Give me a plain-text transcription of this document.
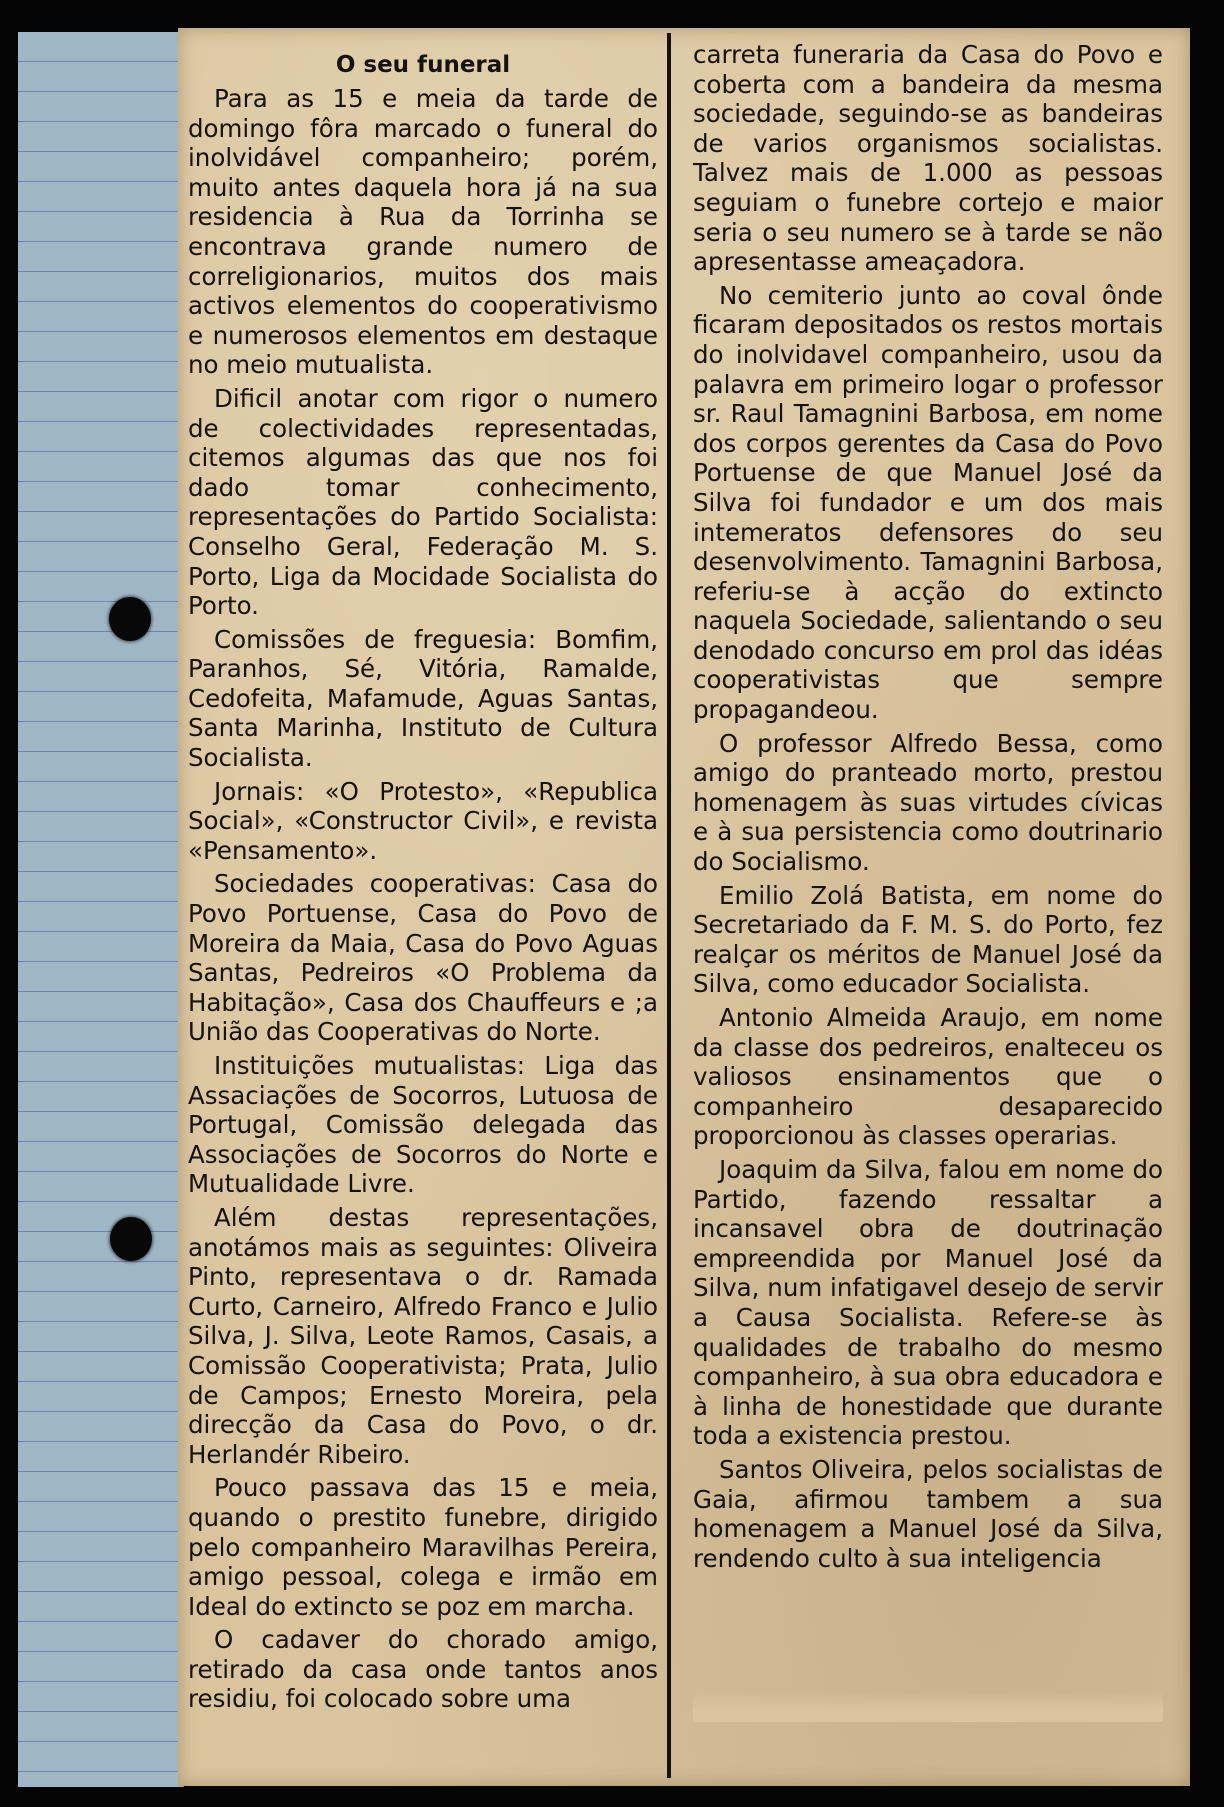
O seu funeral

Para as 15 e meia da tarde de domingo fôra marcado o funeral do inolvidável companheiro; porém, muito antes daquela hora já na sua residencia à Rua da Torrinha se encontrava grande numero de correligionarios, muitos dos mais activos elementos do cooperativismo e numerosos elementos em destaque no meio mutualista.

Dificil anotar com rigor o numero de colectividades representadas, citemos algumas das que nos foi dado tomar conhecimento, representações do Partido Socialista: Conselho Geral, Federação M. S. Porto, Liga da Mocidade Socialista do Porto.

Comissões de freguesia: Bomfim, Paranhos, Sé, Vitória, Ramalde, Cedofeita, Mafamude, Aguas Santas, Santa Marinha, Instituto de Cultura Socialista.

Jornais: «O Protesto», «Republica Social», «Constructor Civil», e revista «Pensamento».

Sociedades cooperativas: Casa do Povo Portuense, Casa do Povo de Moreira da Maia, Casa do Povo Aguas Santas, Pedreiros «O Problema da Habitação», Casa dos Chauffeurs e ;a União das Cooperativas do Norte.

Instituições mutualistas: Liga das Assaciações de Socorros, Lutuosa de Portugal, Comissão delegada das Associações de Socorros do Norte e Mutualidade Livre.

Além destas representações, anotámos mais as seguintes: Oliveira Pinto, representava o dr. Ramada Curto, Carneiro, Alfredo Franco e Julio Silva, J. Silva, Leote Ramos, Casais, a Comissão Cooperativista; Prata, Julio de Campos; Ernesto Moreira, pela direcção da Casa do Povo, o dr. Herlandér Ribeiro.

Pouco passava das 15 e meia, quando o prestito funebre, dirigido pelo companheiro Maravilhas Pereira, amigo pessoal, colega e irmão em Ideal do extincto se poz em marcha.

O cadaver do chorado amigo, retirado da casa onde tantos anos residiu, foi colocado sobre uma

carreta funeraria da Casa do Povo e coberta com a bandeira da mesma sociedade, seguindo-se as bandeiras de varios organismos socialistas. Talvez mais de 1.000 as pessoas seguiam o funebre cortejo e maior seria o seu numero se à tarde se não apresentasse ameaçadora.

No cemiterio junto ao coval ônde ficaram depositados os restos mortais do inolvidavel companheiro, usou da palavra em primeiro logar o professor sr. Raul Tamagnini Barbosa, em nome dos corpos gerentes da Casa do Povo Portuense de que Manuel José da Silva foi fundador e um dos mais intemeratos defensores do seu desenvolvimento. Tamagnini Barbosa, referiu-se à acção do extincto naquela Sociedade, salientando o seu denodado concurso em prol das idéas cooperativistas que sempre propagandeou.

O professor Alfredo Bessa, como amigo do pranteado morto, prestou homenagem às suas virtudes cívicas e à sua persistencia como doutrinario do Socialismo.

Emilio Zolá Batista, em nome do Secretariado da F. M. S. do Porto, fez realçar os méritos de Manuel José da Silva, como educador Socialista.

Antonio Almeida Araujo, em nome da classe dos pedreiros, enalteceu os valiosos ensinamentos que o companheiro desaparecido proporcionou às classes operarias.

Joaquim da Silva, falou em nome do Partido, fazendo ressaltar a incansavel obra de doutrinação empreendida por Manuel José da Silva, num infatigavel desejo de servir a Causa Socialista. Refere-se às qualidades de trabalho do mesmo companheiro, à sua obra educadora e à linha de honestidade que durante toda a existencia prestou.

Santos Oliveira, pelos socialistas de Gaia, afirmou tambem a sua homenagem a Manuel José da Silva, rendendo culto à sua inteligencia
